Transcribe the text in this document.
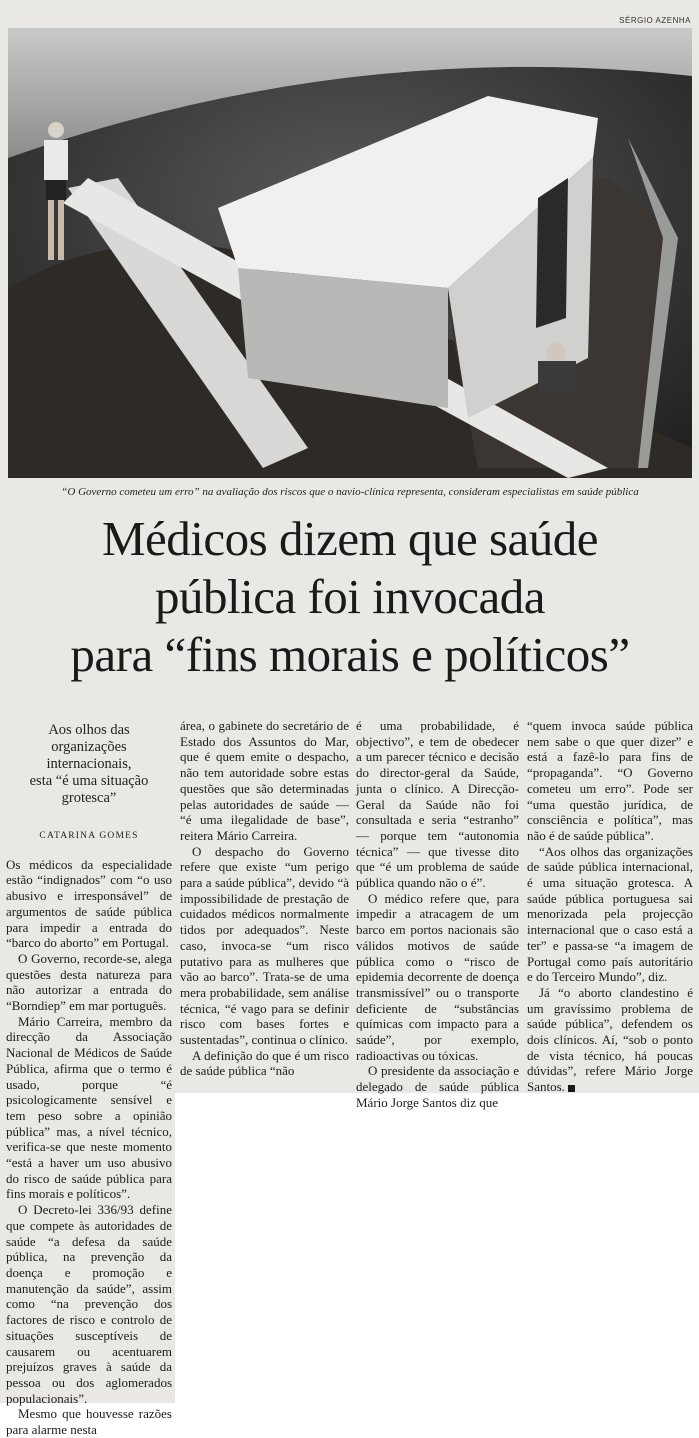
SÉRGIO AZENHA
“O Governo cometeu um erro” na avaliação dos riscos que o navio-clínica representa, consideram especialistas em saúde pública
Médicos dizem que saúde
pública foi invocada
para “fins morais e políticos”
Aos olhos das
organizações
internacionais,
esta “é uma situação
grotesca”
CATARINA GOMES

Os médicos da especialidade estão “indignados” com “o uso abusivo e irresponsável” de argumentos de saúde pública para impedir a entrada do “barco do aborto” em Portugal.

O Governo, recorde-se, alega questões desta natureza para não autorizar a entrada do “Borndiep” em mar português.

Mário Carreira, membro da direcção da Associação Nacional de Médicos de Saúde Pública, afirma que o termo é usado, porque “é psicologicamente sensível e tem peso sobre a opinião pública” mas, a nível técnico, verifica-se que neste momento “está a haver um uso abusivo do risco de saúde pública para fins morais e políticos”.

O Decreto-lei 336/93 define que compete às autoridades de saúde “a defesa da saúde pública, na prevenção da doença e promoção e manutenção da saúde”, assim como “na prevenção dos factores de risco e controlo de situações susceptíveis de causarem ou acentuarem prejuízos graves à saúde da pessoa ou dos aglomerados populacionais”.

Mesmo que houvesse razões para alarme nesta

área, o gabinete do secretário de Estado dos Assuntos do Mar, que é quem emite o despacho, não tem autoridade sobre estas questões que são determinadas pelas autoridades de saúde — “é uma ilegalidade de base”, reitera Mário Carreira.

O despacho do Governo refere que existe “um perigo para a saúde pública”, devido “à impossibilidade de prestação de cuidados médicos normalmente tidos por adequados”. Neste caso, invoca-se “um risco putativo para as mulheres que vão ao barco”. Trata-se de uma mera probabilidade, sem análise técnica, “é vago para se definir risco com bases fortes e sustentadas”, continua o clínico.

A definição do que é um risco de saúde pública “não

é uma probabilidade, é objectivo”, e tem de obedecer a um parecer técnico e decisão do director-geral da Saúde, junta o clínico. A Direcção-Geral da Saúde não foi consultada e seria “estranho” — porque tem “autonomia técnica” — que tivesse dito que “é um problema de saúde pública quando não o é”.

O médico refere que, para impedir a atracagem de um barco em portos nacionais são válidos motivos de saúde pública como o “risco de epidemia decorrente de doença transmissível” ou o transporte deficiente de “substâncias químicas com impacto para a saúde”, por exemplo, radioactivas ou tóxicas.

O presidente da associação e delegado de saúde pública Mário Jorge Santos diz que

“quem invoca saúde pública nem sabe o que quer dizer” e está a fazê-lo para fins de “propaganda”. “O Governo cometeu um erro”. Pode ser “uma questão jurídica, de consciência e política”, mas não é de saúde pública”.

“Aos olhos das organizações de saúde pública internacional, é uma situação grotesca. A saúde pública portuguesa sai menorizada pela projecção internacional que o caso está a ter” e passa-se “a imagem de Portugal como país autoritário e do Terceiro Mundo”, diz.

Já “o aborto clandestino é um gravíssimo problema de saúde pública”, defendem os dois clínicos. Aí, “sob o ponto de vista técnico, há poucas dúvidas”, refere Mário Jorge Santos.
